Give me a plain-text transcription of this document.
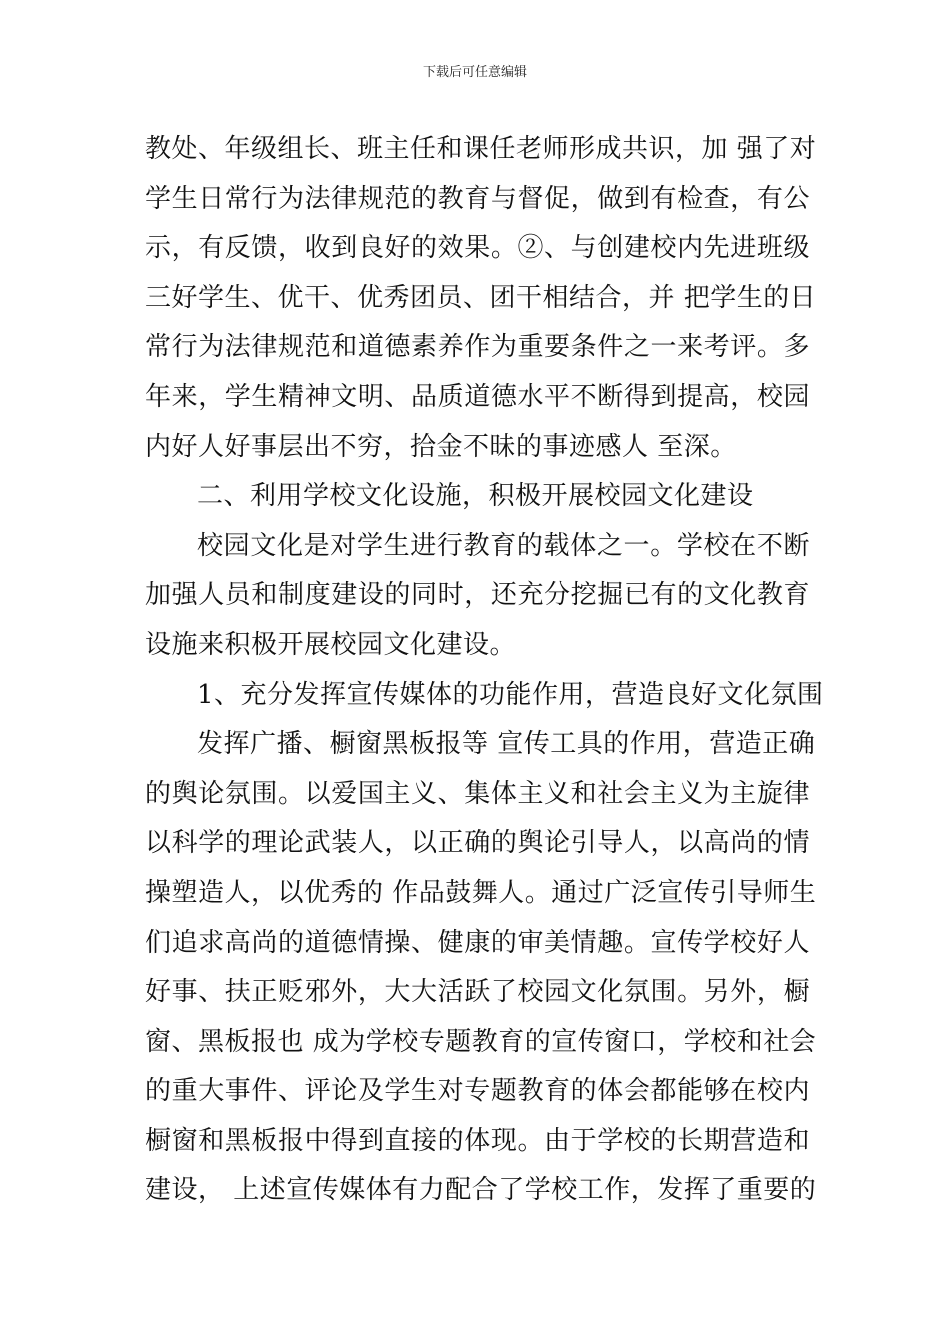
下载后可任意编辑
教处、年级组长、班主任和课任老师形成共识，加 强了对
学生日常行为法律规范的教育与督促，做到有检查，有公
示，有反馈，收到良好的效果。②、与创建校内先进班级
三好学生、优干、优秀团员、团干相结合，并 把学生的日
常行为法律规范和道德素养作为重要条件之一来考评。多
年来，学生精神文明、品质道德水平不断得到提高，校园
内好人好事层出不穷，拾金不昧的事迹感人 至深。
二、利用学校文化设施，积极开展校园文化建设
校园文化是对学生进行教育的载体之一。学校在不断
加强人员和制度建设的同时，还充分挖掘已有的文化教育
设施来积极开展校园文化建设。
1、充分发挥宣传媒体的功能作用，营造良好文化氛围
发挥广播、橱窗黑板报等 宣传工具的作用，营造正确
的舆论氛围。以爱国主义、集体主义和社会主义为主旋律
以科学的理论武装人，以正确的舆论引导人，以高尚的情
操塑造人，以优秀的 作品鼓舞人。通过广泛宣传引导师生
们追求高尚的道德情操、健康的审美情趣。宣传学校好人
好事、扶正贬邪外，大大活跃了校园文化氛围。另外，橱
窗、黑板报也 成为学校专题教育的宣传窗口，学校和社会
的重大事件、评论及学生对专题教育的体会都能够在校内
橱窗和黑板报中得到直接的体现。由于学校的长期营造和
建设， 上述宣传媒体有力配合了学校工作，发挥了重要的
